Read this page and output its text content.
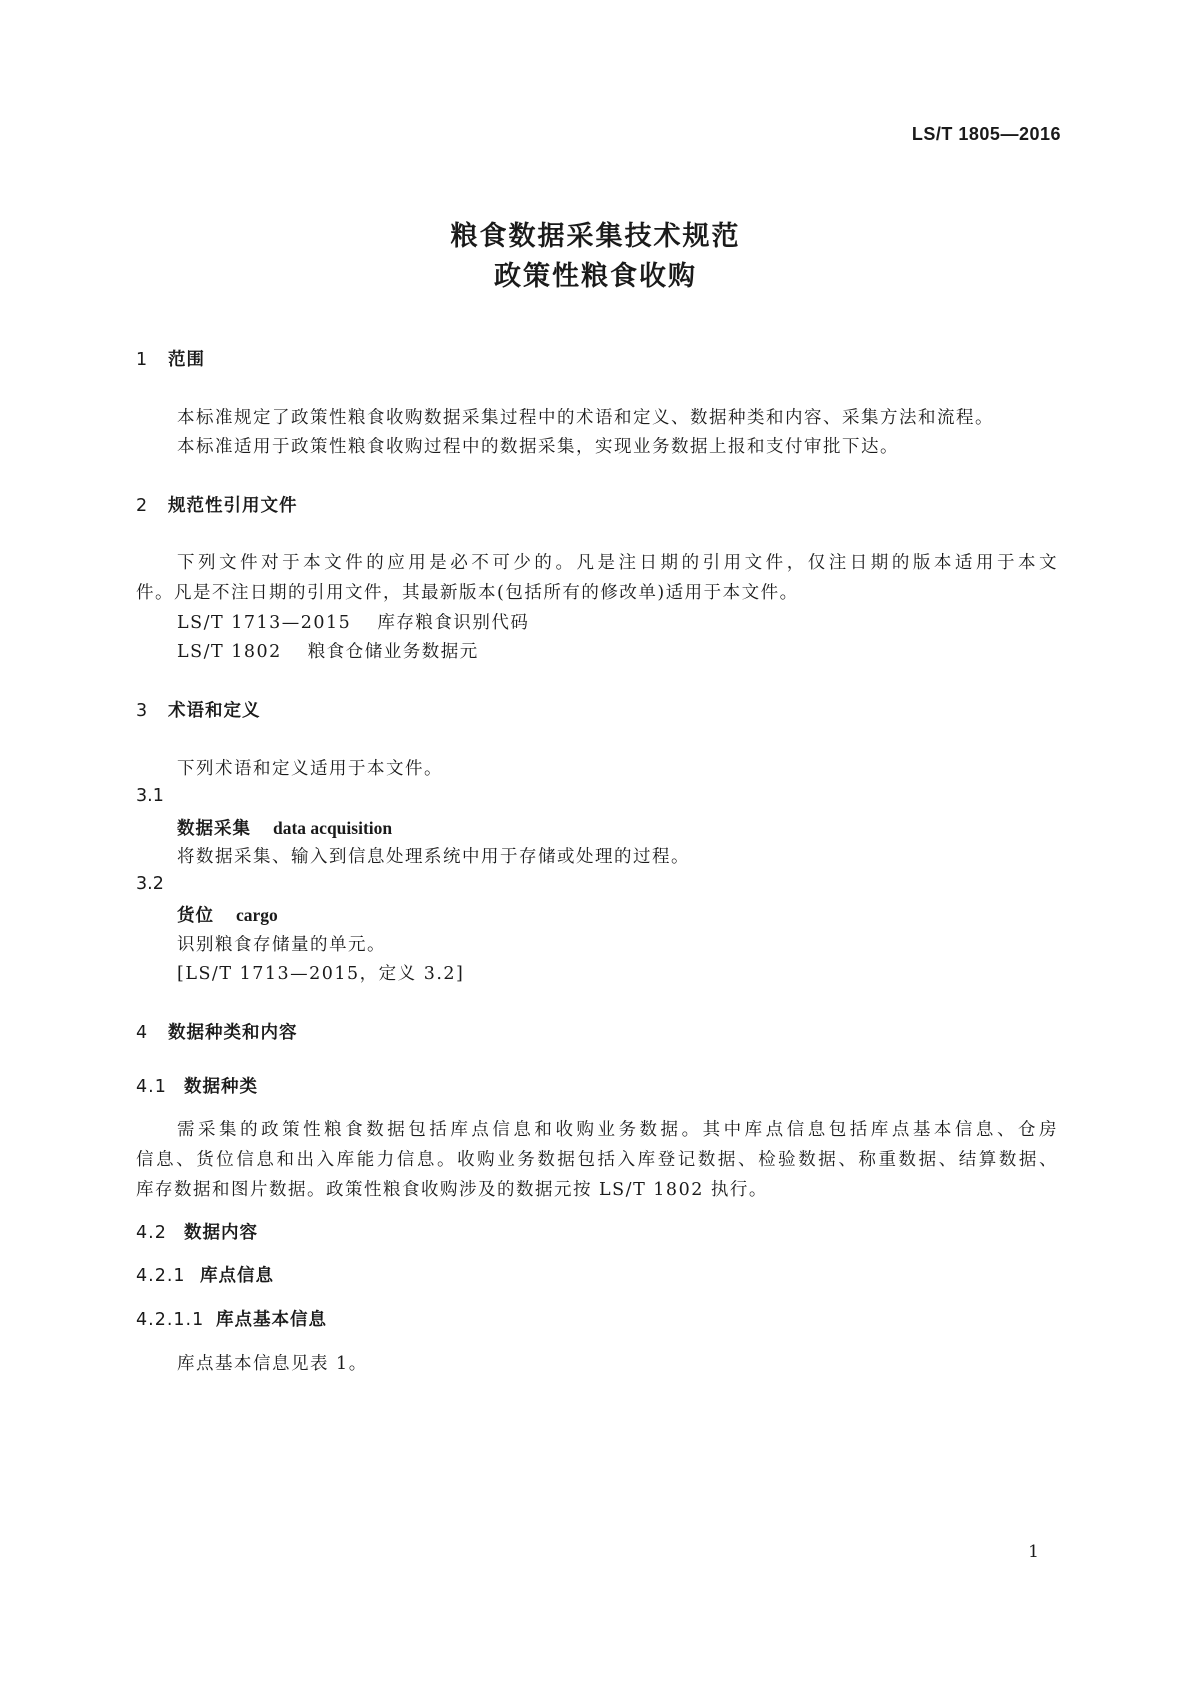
LS/T 1805—2016
粮食数据采集技术规范
政策性粮食收购
1 范围
本标准规定了政策性粮食收购数据采集过程中的术语和定义、数据种类和内容、采集方法和流程。
本标准适用于政策性粮食收购过程中的数据采集，实现业务数据上报和支付审批下达。
2 规范性引用文件
下列文件对于本文件的应用是必不可少的。凡是注日期的引用文件，仅注日期的版本适用于本文
件。凡是不注日期的引用文件，其最新版本(包括所有的修改单)适用于本文件。
LS/T 1713—2015 库存粮食识别代码
LS/T 1802 粮食仓储业务数据元
3 术语和定义
下列术语和定义适用于本文件。
3.1
数据采集 data acquisition
将数据采集、输入到信息处理系统中用于存储或处理的过程。
3.2
货位 cargo
识别粮食存储量的单元。
[LS/T 1713—2015，定义 3.2]
4 数据种类和内容
4.1 数据种类
需采集的政策性粮食数据包括库点信息和收购业务数据。其中库点信息包括库点基本信息、仓房
信息、货位信息和出入库能力信息。收购业务数据包括入库登记数据、检验数据、称重数据、结算数据、
库存数据和图片数据。政策性粮食收购涉及的数据元按 LS/T 1802 执行。
4.2 数据内容
4.2.1 库点信息
4.2.1.1 库点基本信息
库点基本信息见表 1。
1
